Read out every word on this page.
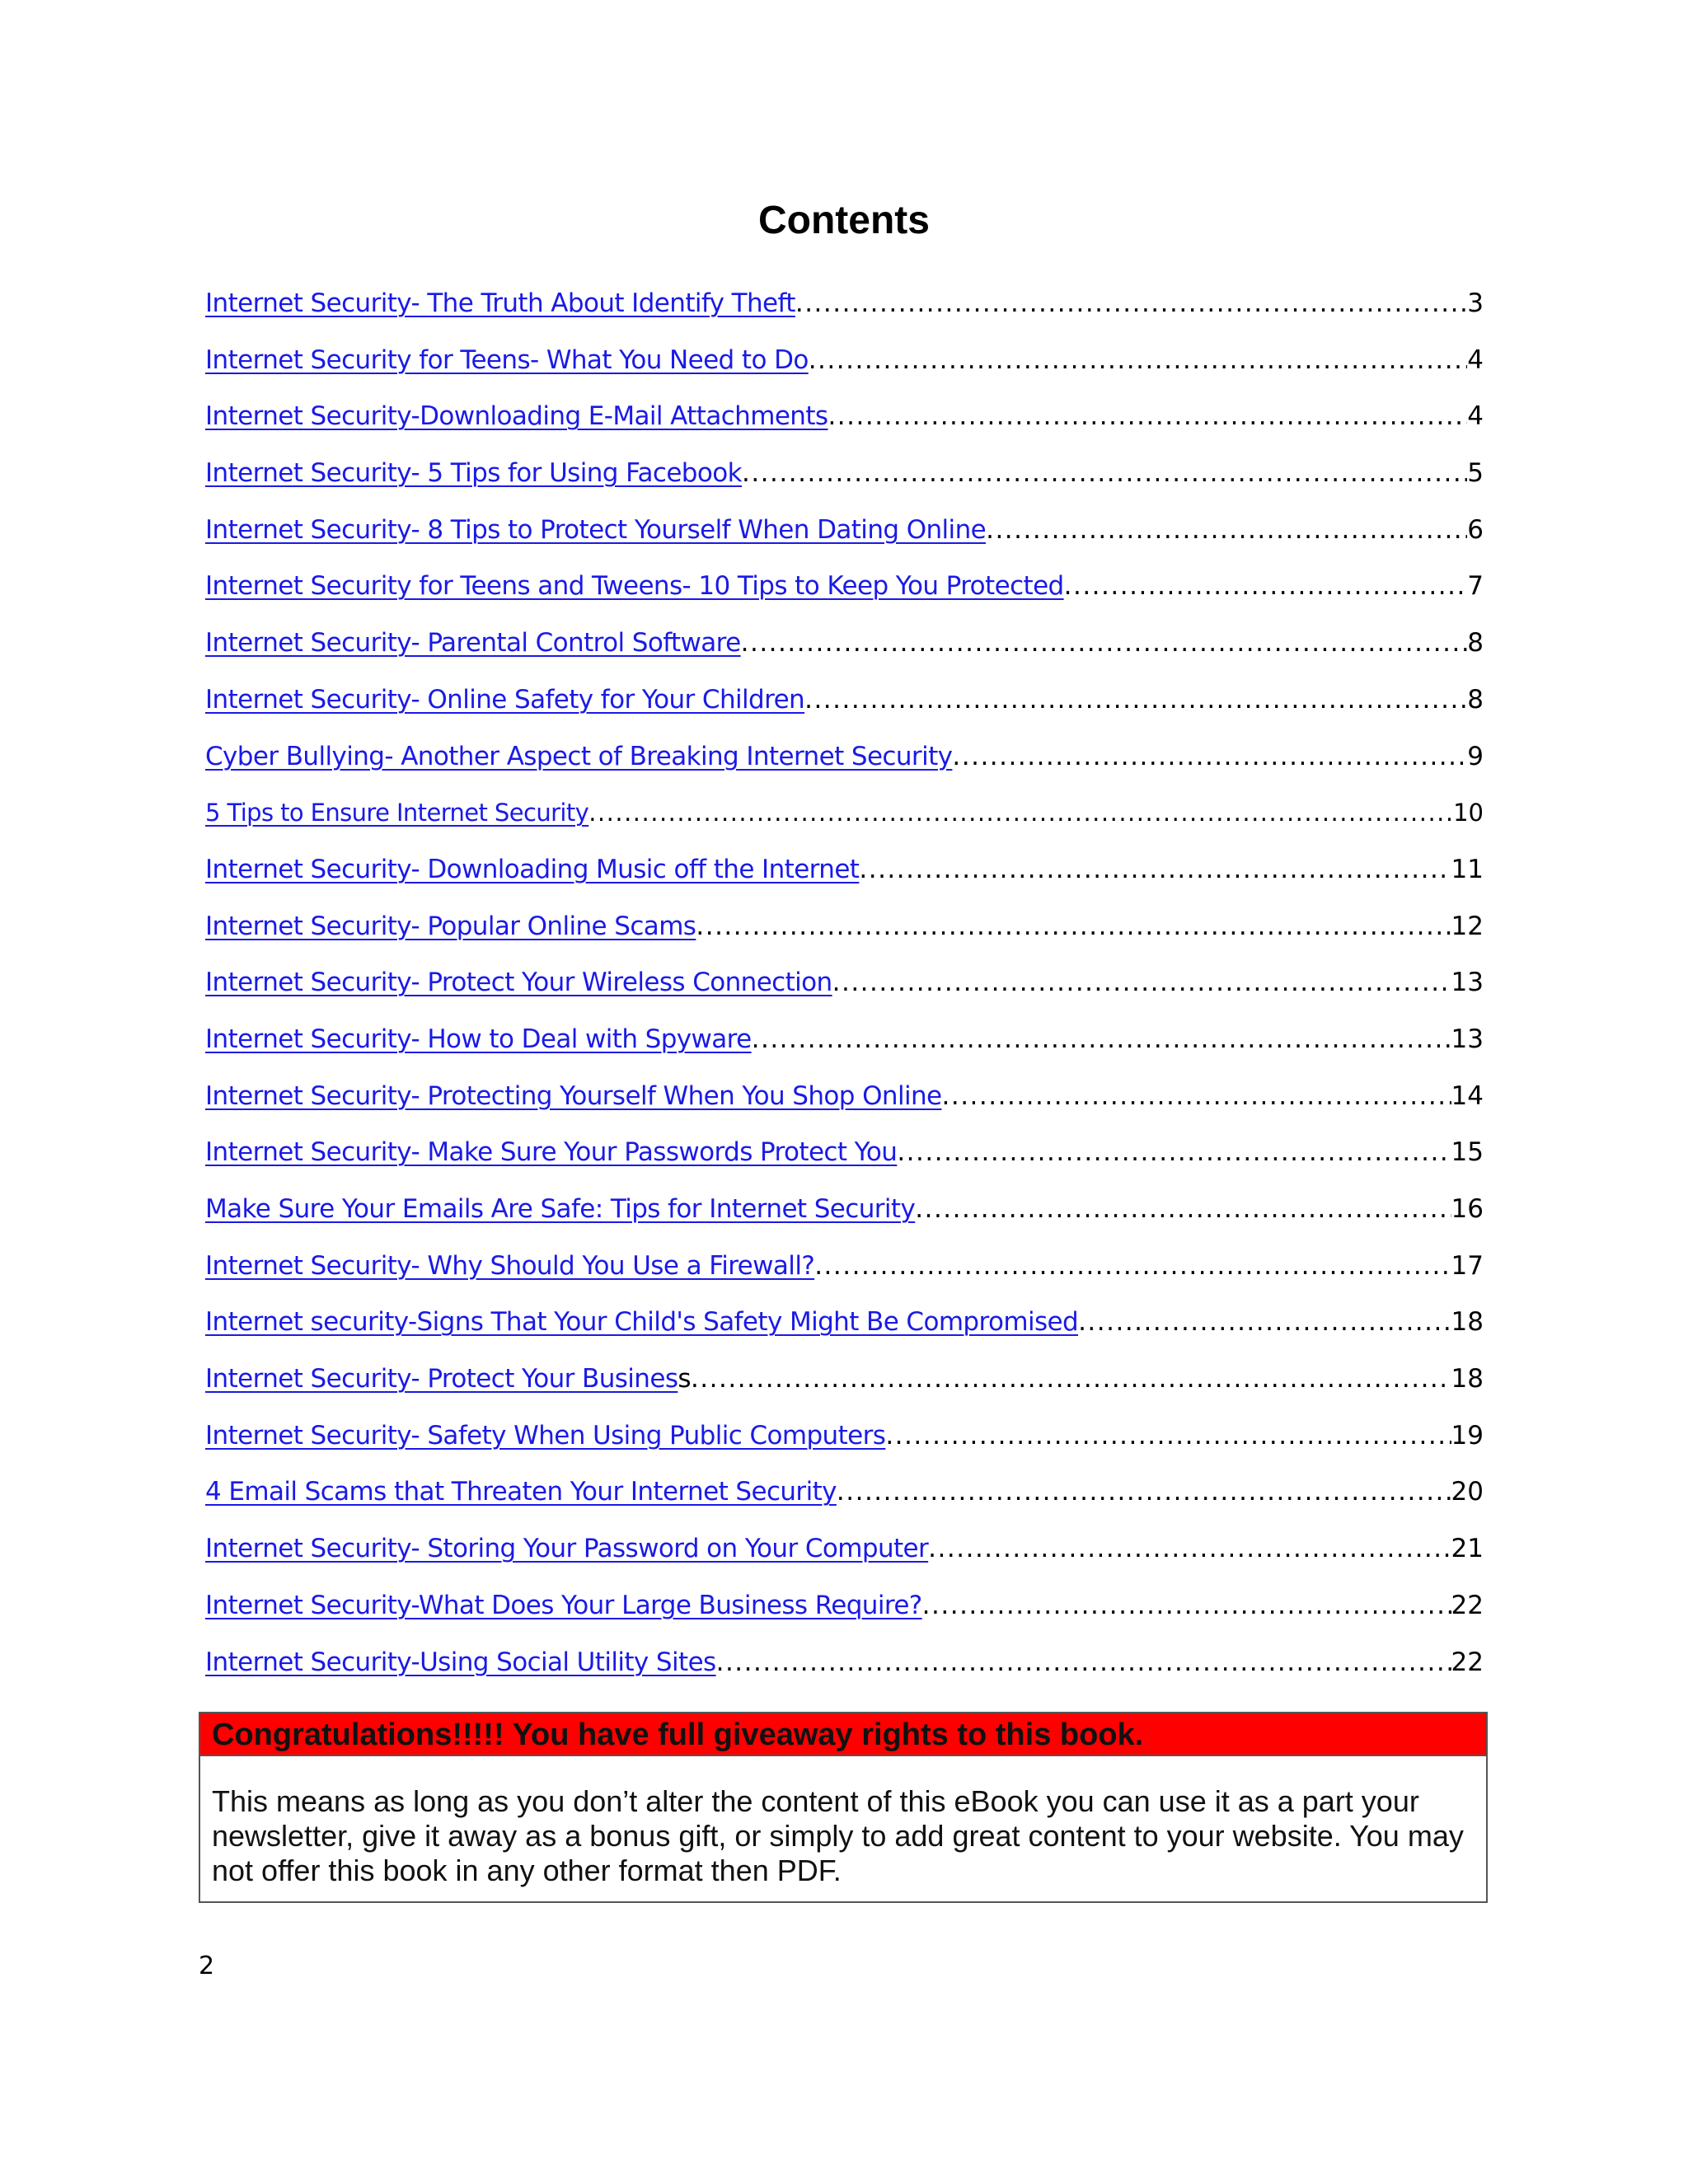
Contents
Internet Security- The Truth About Identify Theft .....	3
Internet Security for Teens- What You Need to Do .....	4
Internet Security-Downloading E-Mail Attachments .....	4
Internet Security- 5 Tips for Using Facebook .....	5
Internet Security- 8 Tips to Protect Yourself When Dating Online .....	6
Internet Security for Teens and Tweens- 10 Tips to Keep You Protected .....	7
Internet Security- Parental Control Software .....	8
Internet Security- Online Safety for Your Children .....	8
Cyber Bullying- Another Aspect of Breaking Internet Security .....	9
5 Tips to Ensure Internet Security .....	10
Internet Security- Downloading Music off the Internet .....	11
Internet Security- Popular Online Scams .....	12
Internet Security- Protect Your Wireless Connection .....	13
Internet Security- How to Deal with Spyware .....	13
Internet Security- Protecting Yourself When You Shop Online .....	14
Internet Security- Make Sure Your Passwords Protect You .....	15
Make Sure Your Emails Are Safe: Tips for Internet Security .....	16
Internet Security- Why Should You Use a Firewall? .....	17
Internet security-Signs That Your Child's Safety Might Be Compromised .....	18
Internet Security- Protect Your Busines s .....	18
Internet Security- Safety When Using Public Computers .....	19
4 Email Scams that Threaten Your Internet Security .....	20
Internet Security- Storing Your Password on Your Computer .....	21
Internet Security-What Does Your Large Business Require? .....	22
Internet Security-Using Social Utility Sites .....	22
Congratulations!!!!! You have full giveaway rights to this book.
This means as long as you don’t alter the content of this eBook you can use it as a part your newsletter, give it away as a bonus gift, or simply to add great content to your website. You may not offer this book in any other format then PDF.
2
